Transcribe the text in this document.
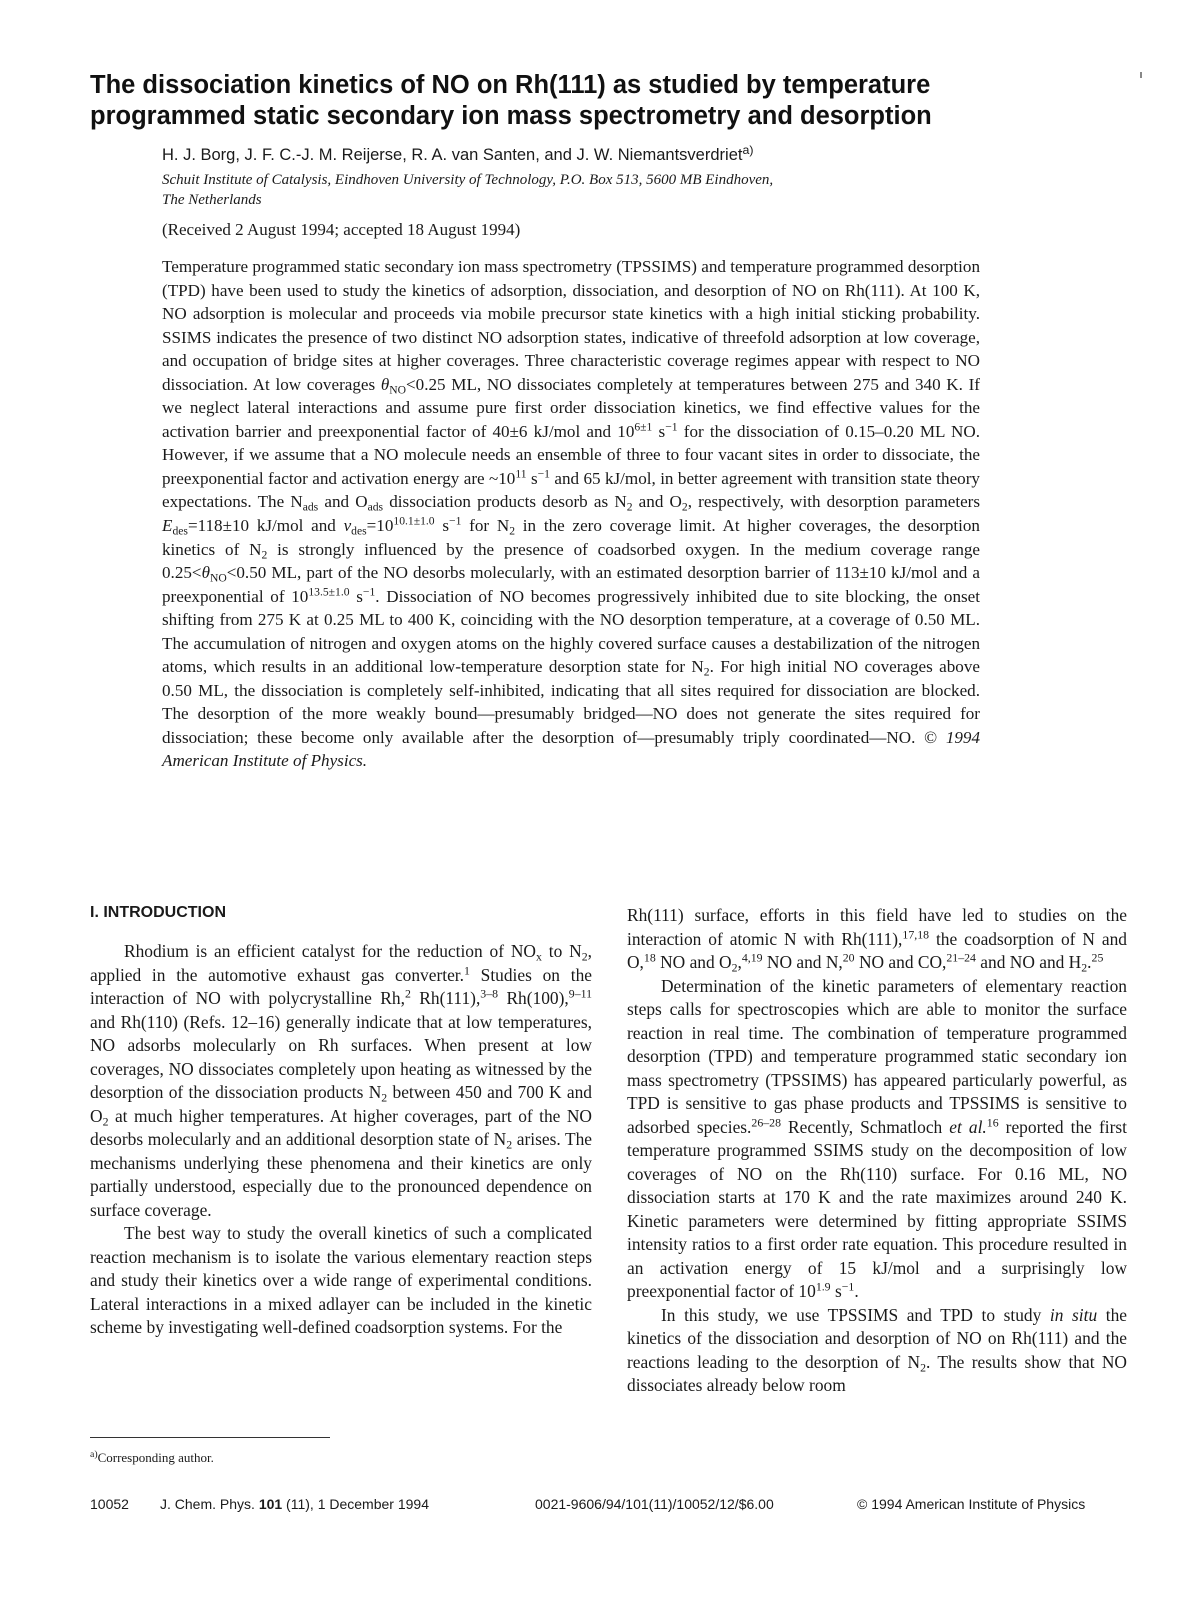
The dissociation kinetics of NO on Rh(111) as studied by temperature
programmed static secondary ion mass spectrometry and desorption
H. J. Borg, J. F. C.-J. M. Reijerse, R. A. van Santen, and J. W. Niemantsverdriet$^{a)}$
Schuit Institute of Catalysis, Eindhoven University of Technology, P.O. Box 513, 5600 MB Eindhoven,
The Netherlands
(Received 2 August 1994; accepted 18 August 1994)
Temperature programmed static secondary ion mass spectrometry (TPSSIMS) and temperature programmed desorption (TPD) have been used to study the kinetics of adsorption, dissociation, and desorption of NO on Rh(111). At 100 K, NO adsorption is molecular and proceeds via mobile precursor state kinetics with a high initial sticking probability. SSIMS indicates the presence of two distinct NO adsorption states, indicative of threefold adsorption at low coverage, and occupation of bridge sites at higher coverages. Three characteristic coverage regimes appear with respect to NO dissociation. At low coverages $\theta_{NO}<0.25$ ML, NO dissociates completely at temperatures between 275 and 340 K. If we neglect lateral interactions and assume pure first order dissociation kinetics, we find effective values for the activation barrier and preexponential factor of 40±6 kJ/mol and $10^{6\pm 1}$ $s^{-1}$ for the dissociation of 0.15–0.20 ML NO. However, if we assume that a NO molecule needs an ensemble of three to four vacant sites in order to dissociate, the preexponential factor and activation energy are $\sim 10^{11}$ $s^{-1}$ and 65 kJ/mol, in better agreement with transition state theory expectations. The $N_{ads}$ and $O_{ads}$ dissociation products desorb as $N_2$ and $O_2$, respectively, with desorption parameters $E_{des}=118\pm 10$ kJ/mol and $\nu_{des}=10^{10.1\pm 1.0}$ $s^{-1}$ for $N_2$ in the zero coverage limit. At higher coverages, the desorption kinetics of $N_2$ is strongly influenced by the presence of coadsorbed oxygen. In the medium coverage range $0.25<\theta_{NO}<0.50$ ML, part of the NO desorbs molecularly, with an estimated desorption barrier of 113±10 kJ/mol and a preexponential of $10^{13.5\pm 1.0}$ $s^{-1}$. Dissociation of NO becomes progressively inhibited due to site blocking, the onset shifting from 275 K at 0.25 ML to 400 K, coinciding with the NO desorption temperature, at a coverage of 0.50 ML. The accumulation of nitrogen and oxygen atoms on the highly covered surface causes a destabilization of the nitrogen atoms, which results in an additional low-temperature desorption state for $N_2$. For high initial NO coverages above 0.50 ML, the dissociation is completely self-inhibited, indicating that all sites required for dissociation are blocked. The desorption of the more weakly bound—presumably bridged—NO does not generate the sites required for dissociation; these become only available after the desorption of—presumably triply coordinated—NO. © 1994 American Institute of Physics.
I. INTRODUCTION

Rhodium is an efficient catalyst for the reduction of $NO_x$ to $N_2$, applied in the automotive exhaust gas converter.$^1$ Studies on the interaction of NO with polycrystalline Rh,$^2$ Rh(111),$^{3-8}$ Rh(100),$^{9-11}$ and Rh(110) (Refs. 12–16) generally indicate that at low temperatures, NO adsorbs molecularly on Rh surfaces. When present at low coverages, NO dissociates completely upon heating as witnessed by the desorption of the dissociation products $N_2$ between 450 and 700 K and $O_2$ at much higher temperatures. At higher coverages, part of the NO desorbs molecularly and an additional desorption state of $N_2$ arises. The mechanisms underlying these phenomena and their kinetics are only partially understood, especially due to the pronounced dependence on surface coverage.

The best way to study the overall kinetics of such a complicated reaction mechanism is to isolate the various elementary reaction steps and study their kinetics over a wide range of experimental conditions. Lateral interactions in a mixed adlayer can be included in the kinetic scheme by investigating well-defined coadsorption systems. For the

Rh(111) surface, efforts in this field have led to studies on the interaction of atomic N with Rh(111),$^{17,18}$ the coadsorption of N and O,$^{18}$ NO and $O_2,^{4,19}$ NO and N,$^{20}$ NO and CO,$^{21-24}$ and NO and $H_2.^{25}$

Determination of the kinetic parameters of elementary reaction steps calls for spectroscopies which are able to monitor the surface reaction in real time. The combination of temperature programmed desorption (TPD) and temperature programmed static secondary ion mass spectrometry (TPSSIMS) has appeared particularly powerful, as TPD is sensitive to gas phase products and TPSSIMS is sensitive to adsorbed species.$^{26-28}$ Recently, Schmatloch et al.$^{16}$ reported the first temperature programmed SSIMS study on the decomposition of low coverages of NO on the Rh(110) surface. For 0.16 ML, NO dissociation starts at 170 K and the rate maximizes around 240 K. Kinetic parameters were determined by fitting appropriate SSIMS intensity ratios to a first order rate equation. This procedure resulted in an activation energy of 15 kJ/mol and a surprisingly low preexponential factor of $10^{1.9}$ $s^{-1}$.

In this study, we use TPSSIMS and TPD to study in situ the kinetics of the dissociation and desorption of NO on Rh(111) and the reactions leading to the desorption of $N_2$. The results show that NO dissociates already below room

$^{a)}$Corresponding author.
10052 J. Chem. Phys. 101 (11), 1 December 1994	0021-9606/94/101(11)/10052/12/$6.00	© 1994 American Institute of Physics
